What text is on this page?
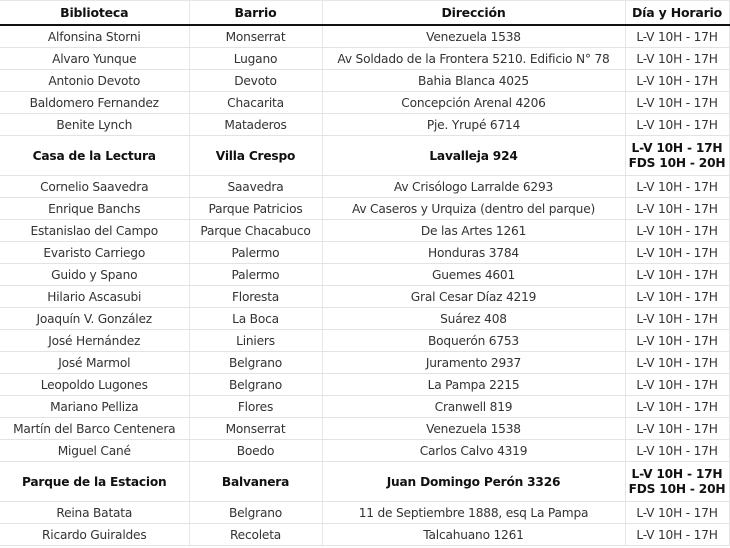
Biblioteca	Barrio	Dirección	Día y Horario
Alfonsina Storni	Monserrat	Venezuela 1538	L-V 10H - 17H

Alvaro Yunque	Lugano	Av Soldado de la Frontera 5210. Edificio N° 78	L-V 10H - 17H

Antonio Devoto	Devoto	Bahia Blanca 4025	L-V 10H - 17H

Baldomero Fernandez	Chacarita	Concepción Arenal 4206	L-V 10H - 17H

Benite Lynch	Mataderos	Pje. Yrupé 6714	L-V 10H - 17H

Casa de la Lectura	Villa Crespo	Lavalleja 924	L-V 10H - 17H
FDS 10H - 20H

Cornelio Saavedra	Saavedra	Av Crisólogo Larralde 6293	L-V 10H - 17H

Enrique Banchs	Parque Patricios	Av Caseros y Urquiza (dentro del parque)	L-V 10H - 17H

Estanislao del Campo	Parque Chacabuco	De las Artes 1261	L-V 10H - 17H

Evaristo Carriego	Palermo	Honduras 3784	L-V 10H - 17H

Guido y Spano	Palermo	Guemes 4601	L-V 10H - 17H

Hilario Ascasubi	Floresta	Gral Cesar Díaz 4219	L-V 10H - 17H

Joaquín V. González	La Boca	Suárez 408	L-V 10H - 17H

José Hernández	Liniers	Boquerón 6753	L-V 10H - 17H

José Marmol	Belgrano	Juramento 2937	L-V 10H - 17H

Leopoldo Lugones	Belgrano	La Pampa 2215	L-V 10H - 17H

Mariano Pelliza	Flores	Cranwell 819	L-V 10H - 17H

Martín del Barco Centenera	Monserrat	Venezuela 1538	L-V 10H - 17H

Miguel Cané	Boedo	Carlos Calvo 4319	L-V 10H - 17H

Parque de la Estacion	Balvanera	Juan Domingo Perón 3326	L-V 10H - 17H
FDS 10H - 20H

Reina Batata	Belgrano	11 de Septiembre 1888, esq La Pampa	L-V 10H - 17H

Ricardo Guiraldes	Recoleta	Talcahuano 1261	L-V 10H - 17H
